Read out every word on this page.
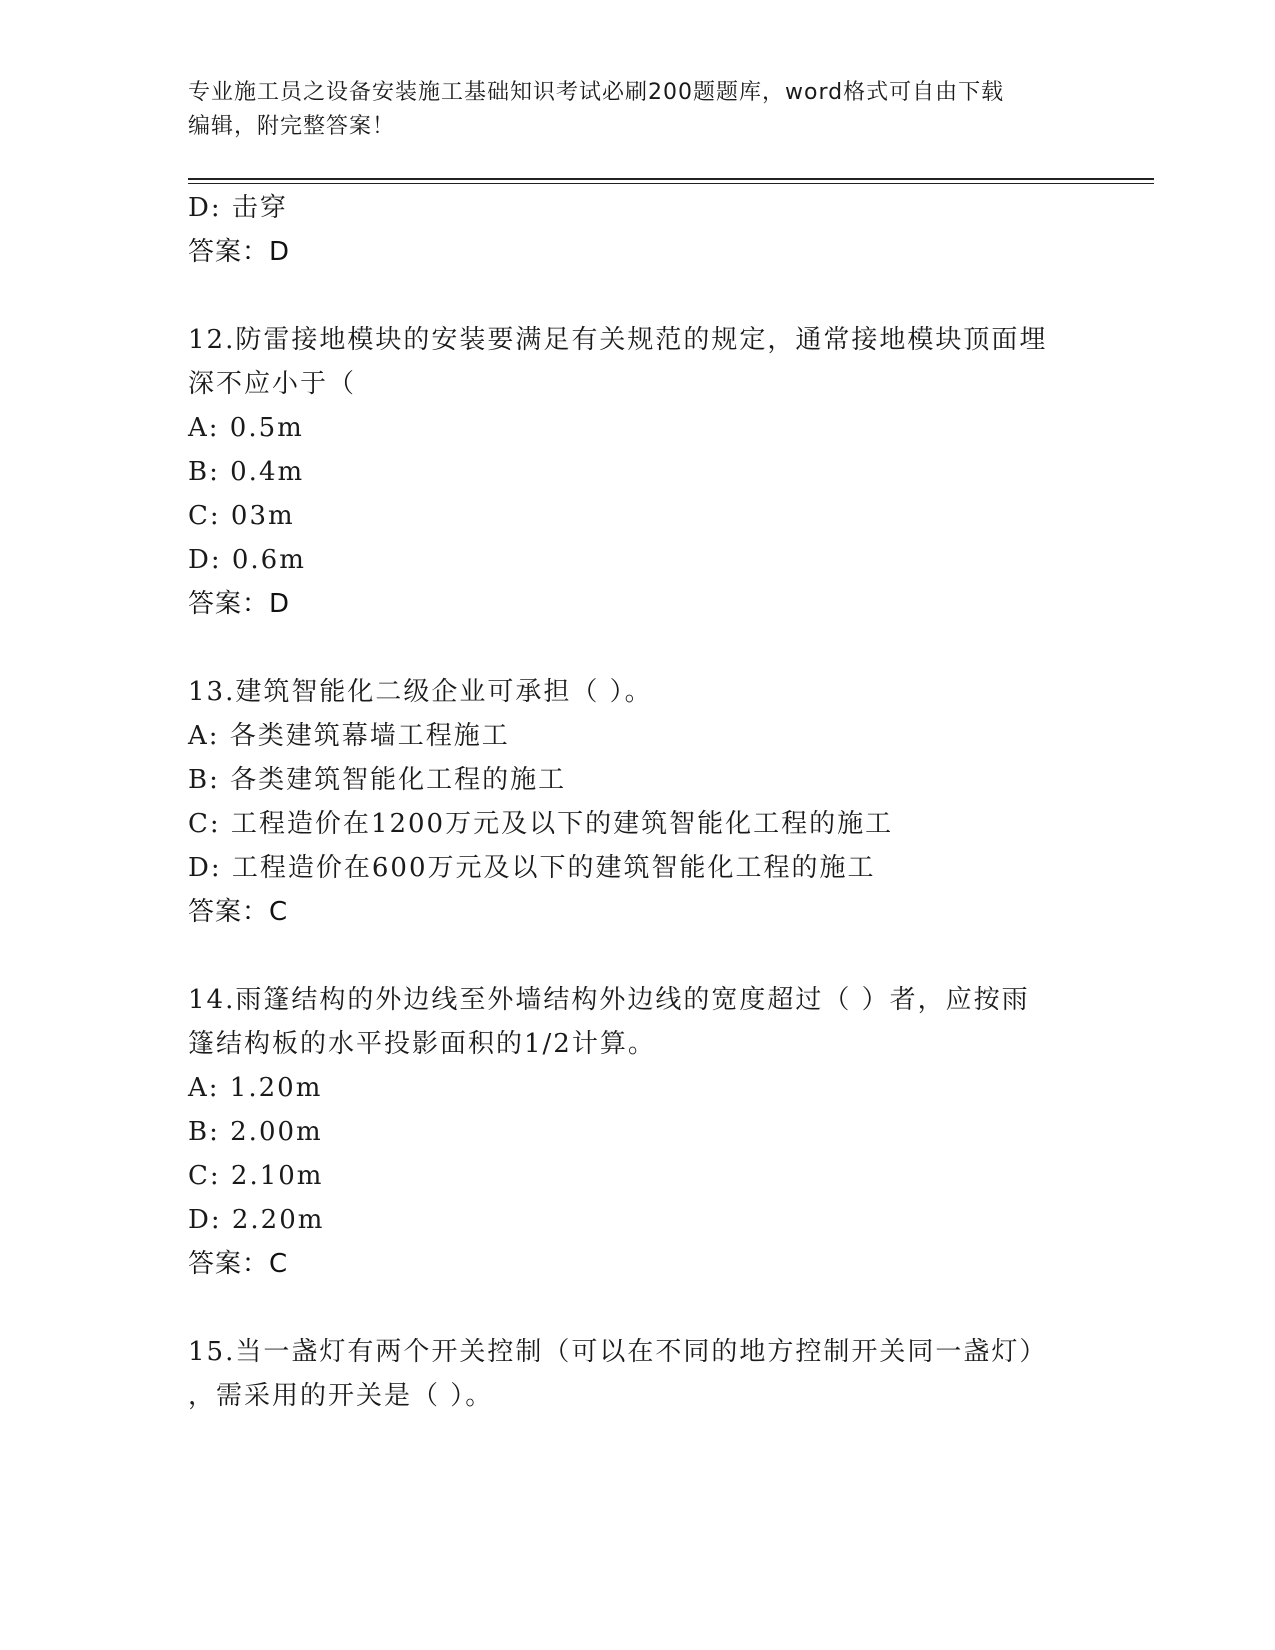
专业施工员之设备安装施工基础知识考试必刷200题题库，word格式可自由下载
编辑，附完整答案！
D: 击穿
答案：D
12.防雷接地模块的安装要满足有关规范的规定，通常接地模块顶面埋
深不应小于（
A: 0.5m
B: 0.4m
C: 03m
D: 0.6m
答案：D
13.建筑智能化二级企业可承担（ ）。
A: 各类建筑幕墙工程施工
B: 各类建筑智能化工程的施工
C: 工程造价在1200万元及以下的建筑智能化工程的施工
D: 工程造价在600万元及以下的建筑智能化工程的施工
答案：C
14.雨篷结构的外边线至外墙结构外边线的宽度超过（ ）者，应按雨
篷结构板的水平投影面积的1/2计算。
A: 1.20m
B: 2.00m
C: 2.10m
D: 2.20m
答案：C
15.当一盏灯有两个开关控制（可以在不同的地方控制开关同一盏灯）
，需采用的开关是（ ）。
